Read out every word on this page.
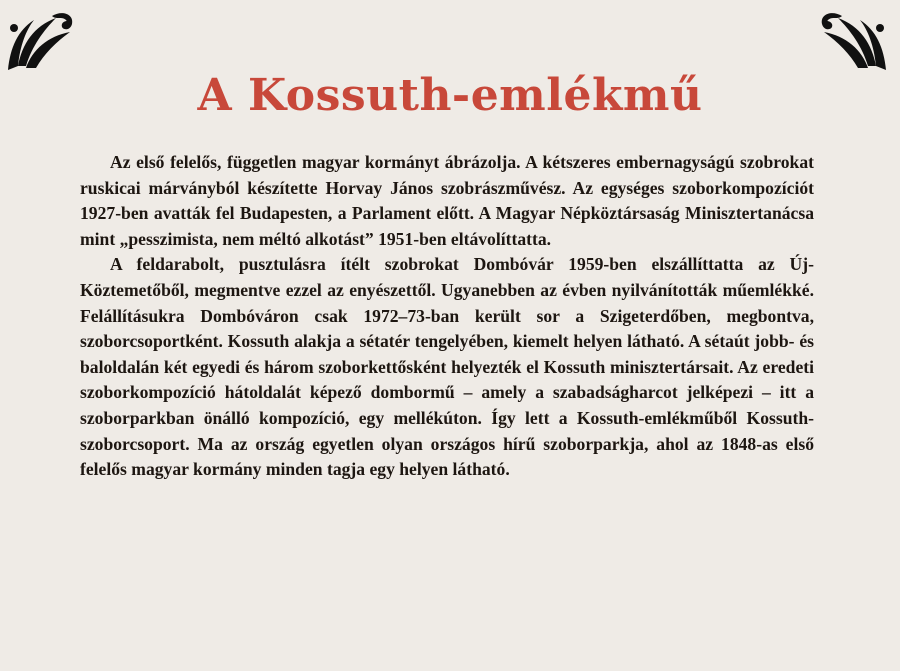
A Kossuth-emlékmű

Az első felelős, független magyar kormányt ábrázolja. A kétszeres embernagyságú szobrokat ruskicai márványból készítette Horvay János szobrászművész. Az egységes szoborkompozíciót 1927-ben avatták fel Budapesten, a Parlament előtt. A Magyar Népköztársaság Minisztertanácsa mint „pesszimista, nem méltó alkotást” 1951-ben eltávolíttatta.

A feldarabolt, pusztulásra ítélt szobrokat Dombóvár 1959-ben elszállíttatta az Új-Köztemetőből, megmentve ezzel az enyészettől. Ugyanebben az évben nyilvánították műemlékké. Felállításukra Dombóváron csak 1972–73-ban került sor a Szigeterdőben, megbontva, szoborcsoportként. Kossuth alakja a sétatér tengelyében, kiemelt helyen látható. A sétaút jobb- és baloldalán két egyedi és három szoborkettősként helyezték el Kossuth minisztertársait. Az eredeti szoborkompozíció hátoldalát képező dombormű – amely a szabadságharcot jelképezi – itt a szoborparkban önálló kompozíció, egy mellékúton. Így lett a Kossuth-emlékműből Kossuth-szoborcsoport. Ma az ország egyetlen olyan országos hírű szoborparkja, ahol az 1848-as első felelős magyar kormány minden tagja egy helyen látható.
